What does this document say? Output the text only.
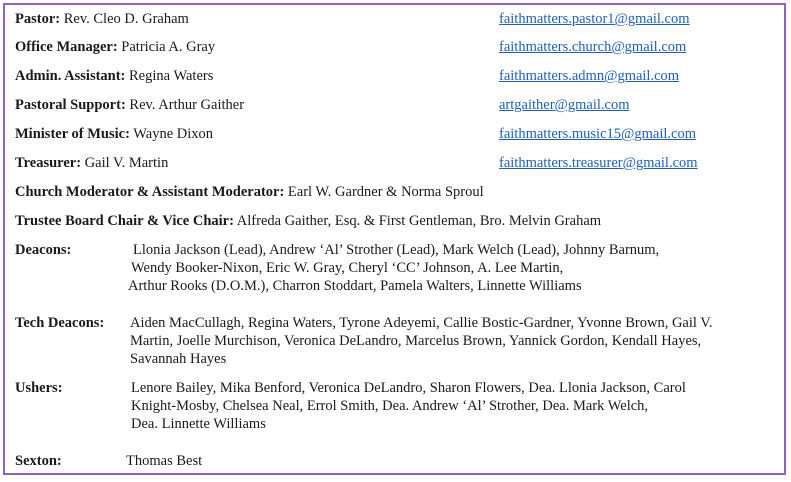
Pastor: Rev. Cleo D. Graham	faithmatters.pastor1@gmail.com
Office Manager: Patricia A. Gray	faithmatters.church@gmail.com
Admin. Assistant: Regina Waters	faithmatters.admn@gmail.com
Pastoral Support: Rev. Arthur Gaither	artgaither@gmail.com
Minister of Music: Wayne Dixon	faithmatters.music15@gmail.com
Treasurer: Gail V. Martin	faithmatters.treasurer@gmail.com
Church Moderator & Assistant Moderator: Earl W. Gardner & Norma Sproul
Trustee Board Chair & Vice Chair: Alfreda Gaither, Esq. & First Gentleman, Bro. Melvin Graham
Deacons:	Llonia Jackson (Lead), Andrew ‘Al’ Strother (Lead), Mark Welch (Lead), Johnny Barnum,
Wendy Booker-Nixon, Eric W. Gray, Cheryl ‘CC’ Johnson, A. Lee Martin,
Arthur Rooks (D.O.M.), Charron Stoddart, Pamela Walters, Linnette Williams
Tech Deacons: Aiden MacCullagh, Regina Waters, Tyrone Adeyemi, Callie Bostic-Gardner, Yvonne Brown, Gail V.
Martin, Joelle Murchison, Veronica DeLandro, Marcelus Brown, Yannick Gordon, Kendall Hayes,
Savannah Hayes
Ushers:	Lenore Bailey, Mika Benford, Veronica DeLandro, Sharon Flowers, Dea. Llonia Jackson, Carol
Knight-Mosby, Chelsea Neal, Errol Smith, Dea. Andrew ‘Al’ Strother, Dea. Mark Welch,
Dea. Linnette Williams
Sexton:	Thomas Best
